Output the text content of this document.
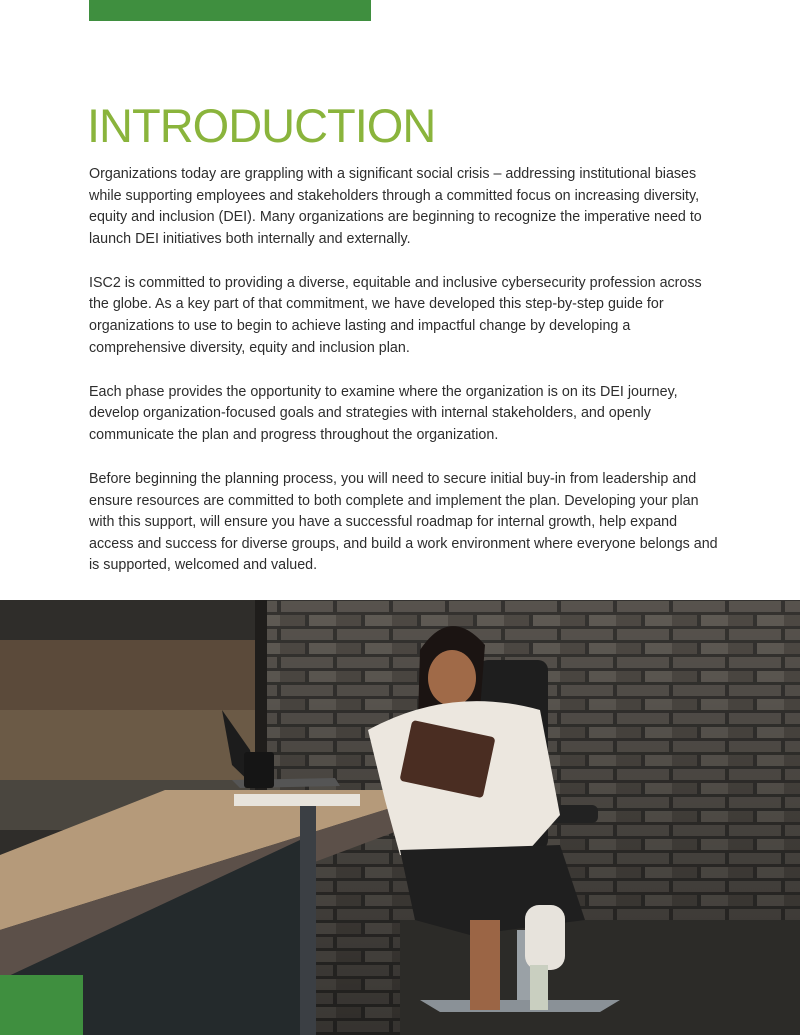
INTRODUCTION

Organizations today are grappling with a significant social crisis – addressing institutional biases while supporting employees and stakeholders through a committed focus on increasing diversity, equity and inclusion (DEI). Many organizations are beginning to recognize the imperative need to launch DEI initiatives both internally and externally.

ISC2 is committed to providing a diverse, equitable and inclusive cybersecurity profession across the globe. As a key part of that commitment, we have developed this step-by-step guide for organizations to use to begin to achieve lasting and impactful change by developing a comprehensive diversity, equity and inclusion plan.

Each phase provides the opportunity to examine where the organization is on its DEI journey, develop organization-focused goals and strategies with internal stakeholders, and openly communicate the plan and progress throughout the organization.

Before beginning the planning process, you will need to secure initial buy-in from leadership and ensure resources are committed to both complete and implement the plan. Developing your plan with this support, will ensure you have a successful roadmap for internal growth, help expand access and success for diverse groups, and build a work environment where everyone belongs and is supported, welcomed and valued.
